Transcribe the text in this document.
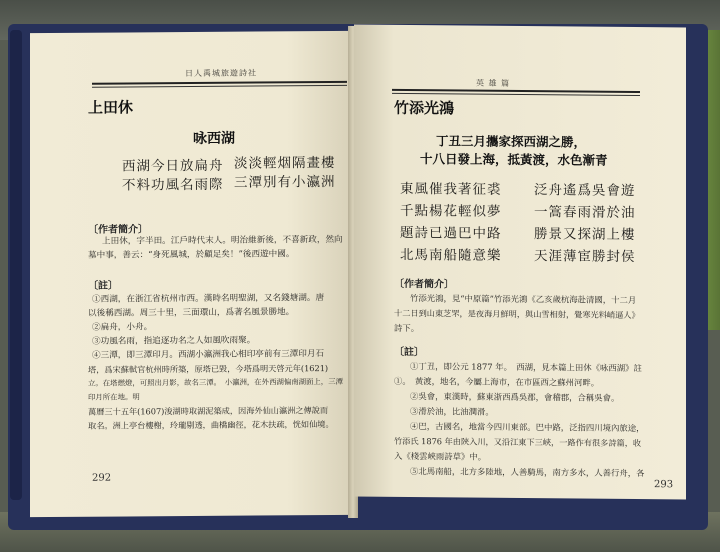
日人禹城旅遊詩社
上田休
咏西湖
西湖今日放扁舟 淡淡輕烟隔畫樓
不料功風名雨際 三潭別有小瀛洲
〔作者簡介〕
上田休，字半田。江戶時代末人。明治維新後，不喜新政，然向
墓中事，善云：“身死風城，於顧足矣！”後西遊中國。
〔註〕
①西湖，在浙江省杭州市西。漢時名明聖湖，又名錢塘湖。唐
以後稱西湖。周三十里，三面環山，爲著名風景勝地。
②扁舟，小舟。
③功風名雨，指追逐功名之人如風吹雨聚。
④三潭，即三潭印月。西湖小瀛洲我心相印亭前有三潭印月石
塔，爲宋蘇軾官杭州時所築，原塔已毀，今塔爲明天啓元年(1621)
立。在塔燃燈，可照出月影，故名三潭。　小瀛洲，在外西湖偏南湖面上，三潭印月所在地。明
萬曆三十五年(1607)浚湖時取湖泥築成，因海外仙山瀛洲之傳說而
取名。洲上亭台樓榭，玲瓏剔透，曲橋幽徑，花木扶疏，恍如仙境。
292
英 雄 篇
竹添光鴻
丁丑三月攜家探西湖之勝，
十八日發上海，抵黃渡，水色漸青
東風催我著征裘 泛舟遙爲吳會遊
千點楊花輕似夢 一篙春雨滑於油
題詩已過巴中路 勝景又探湖上樓
北馬南船隨意樂 天涯薄宦勝封侯
〔作者簡介〕
竹添光鴻，見“中原篇”竹添光鴻《乙亥歲杭海赴清國，十二月
十二日到山東芝罘，是夜海月鮮明，與山雪相射，覺寒光料峭逼人》
詩下。
〔註〕
①丁丑，即公元 1877 年。　西湖，見本篇上田休《咏西湖》註
①。　黃渡，地名，今屬上海市，在市區西之蘇州河畔。
②吳會，東漢時，蘇東浙西爲吳郡，會稽郡，合稱吳會。
③滑於油，比油潤滑。
④巴，古國名，地當今四川東部。巴中路，泛指四川境內旅途，
竹添氏 1876 年由陝入川，又沿江東下三峽，一路作有很多詩篇，收
入《棧雲峽雨詩草》中。
⑤北馬南船，北方多陸地，人善騎馬，南方多水，人善行舟，各
293
